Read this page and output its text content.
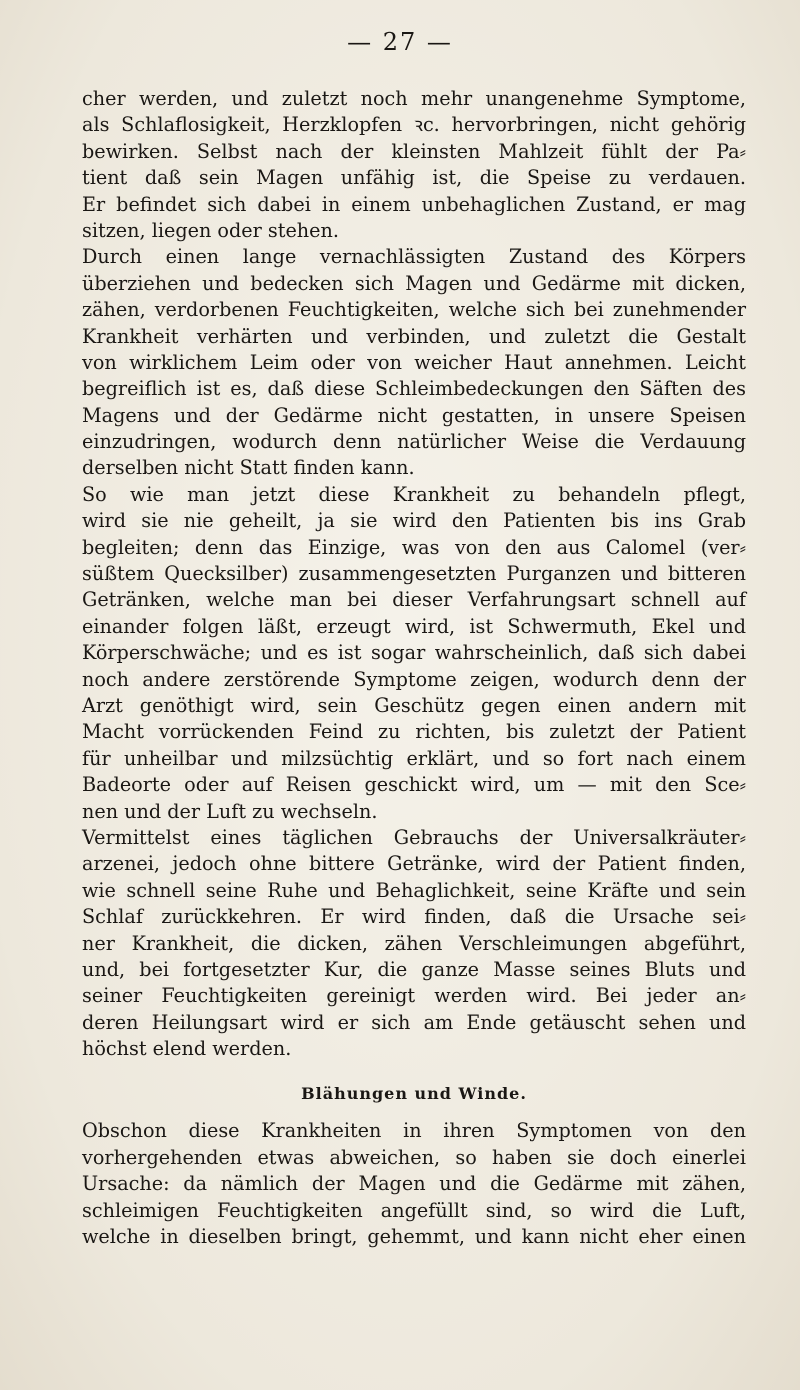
— 27 —
cher werden, und zuletzt noch mehr unangenehme Symptome,
als Schlaflosigkeit, Herzklopfen ꝛc. hervorbringen, nicht gehörig
bewirken. Selbst nach der kleinsten Mahlzeit fühlt der Pa⸗
tient daß sein Magen unfähig ist, die Speise zu verdauen.
Er befindet sich dabei in einem unbehaglichen Zustand, er mag
sitzen, liegen oder stehen.
Durch einen lange vernachlässigten Zustand des Körpers
überziehen und bedecken sich Magen und Gedärme mit dicken,
zähen, verdorbenen Feuchtigkeiten, welche sich bei zunehmender
Krankheit verhärten und verbinden, und zuletzt die Gestalt
von wirklichem Leim oder von weicher Haut annehmen. Leicht
begreiflich ist es, daß diese Schleimbedeckungen den Säften des
Magens und der Gedärme nicht gestatten, in unsere Speisen
einzudringen, wodurch denn natürlicher Weise die Verdauung
derselben nicht Statt finden kann.
So wie man jetzt diese Krankheit zu behandeln pflegt,
wird sie nie geheilt, ja sie wird den Patienten bis ins Grab
begleiten; denn das Einzige, was von den aus Calomel (ver⸗
süßtem Quecksilber) zusammengesetzten Purganzen und bitteren
Getränken, welche man bei dieser Verfahrungsart schnell auf
einander folgen läßt, erzeugt wird, ist Schwermuth, Ekel und
Körperschwäche; und es ist sogar wahrscheinlich, daß sich dabei
noch andere zerstörende Symptome zeigen, wodurch denn der
Arzt genöthigt wird, sein Geschütz gegen einen andern mit
Macht vorrückenden Feind zu richten, bis zuletzt der Patient
für unheilbar und milzsüchtig erklärt, und so fort nach einem
Badeorte oder auf Reisen geschickt wird, um — mit den Sce⸗
nen und der Luft zu wechseln.
Vermittelst eines täglichen Gebrauchs der Universalkräuter⸗
arzenei, jedoch ohne bittere Getränke, wird der Patient finden,
wie schnell seine Ruhe und Behaglichkeit, seine Kräfte und sein
Schlaf zurückkehren. Er wird finden, daß die Ursache sei⸗
ner Krankheit, die dicken, zähen Verschleimungen abgeführt,
und, bei fortgesetzter Kur, die ganze Masse seines Bluts und
seiner Feuchtigkeiten gereinigt werden wird. Bei jeder an⸗
deren Heilungsart wird er sich am Ende getäuscht sehen und
höchst elend werden.
Blähungen und Winde.
Obschon diese Krankheiten in ihren Symptomen von den
vorhergehenden etwas abweichen, so haben sie doch einerlei
Ursache: da nämlich der Magen und die Gedärme mit zähen,
schleimigen Feuchtigkeiten angefüllt sind, so wird die Luft,
welche in dieselben bringt, gehemmt, und kann nicht eher einen
